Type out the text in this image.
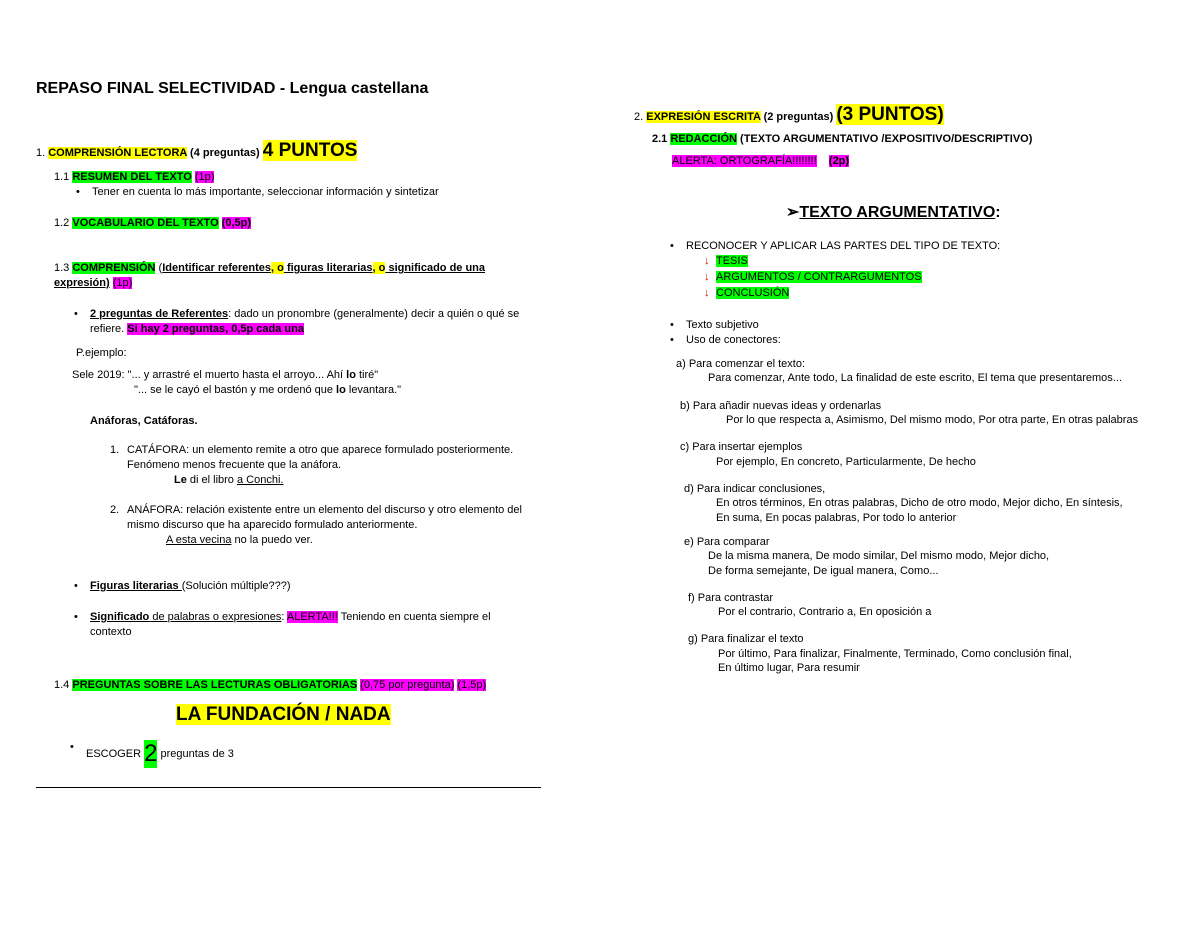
REPASO FINAL SELECTIVIDAD - Lengua castellana
1. COMPRENSIÓN LECTORA (4 preguntas) 4 PUNTOS
1.1 RESUMEN DEL TEXTO (1p)
• Tener en cuenta lo más importante, seleccionar información y sintetizar
1.2 VOCABULARIO DEL TEXTO (0,5p)
1.3 COMPRENSIÓN (Identificar referentes, o figuras literarias, o significado de una
expresión) (1p)
• 2 preguntas de Referentes: dado un pronombre (generalmente) decir a quién o qué se
refiere. Si hay 2 preguntas, 0,5p cada una
P.ejemplo:
Sele 2019: "... y arrastré el muerto hasta el arroyo... Ahí lo tiré"
"... se le cayó el bastón y me ordenó que lo levantara."
Anáforas, Catáforas.
1. CATÁFORA: un elemento remite a otro que aparece formulado posteriormente.
Fenómeno menos frecuente que la anáfora.
Le di el libro a Conchi.
2. ANÁFORA: relación existente entre un elemento del discurso y otro elemento del
mismo discurso que ha aparecido formulado anteriormente.
A esta vecina no la puedo ver.
• Figuras literarias (Solución múltiple???)
• Significado de palabras o expresiones: ALERTA!!! Teniendo en cuenta siempre el
contexto
1.4 PREGUNTAS SOBRE LAS LECTURAS OBLIGATORIAS (0,75 por pregunta) (1,5p)
LA FUNDACIÓN / NADA
• ESCOGER 2 preguntas de 3
2. EXPRESIÓN ESCRITA (2 preguntas) (3 PUNTOS)
2.1 REDACCIÓN (TEXTO ARGUMENTATIVO /EXPOSITIVO/DESCRIPTIVO)
ALERTA: ORTOGRAFÍA!!!!!!!! (2p)
➢TEXTO ARGUMENTATIVO:
• RECONOCER Y APLICAR LAS PARTES DEL TIPO DE TEXTO:
↓ TESIS
↓ ARGUMENTOS / CONTRARGUMENTOS
↓ CONCLUSIÓN
• Texto subjetivo
• Uso de conectores:
a) Para comenzar el texto:
Para comenzar, Ante todo, La finalidad de este escrito, El tema que presentaremos...
b) Para añadir nuevas ideas y ordenarlas
Por lo que respecta a, Asimismo, Del mismo modo, Por otra parte, En otras palabras
c) Para insertar ejemplos
Por ejemplo, En concreto, Particularmente, De hecho
d) Para indicar conclusiones,
En otros términos, En otras palabras, Dicho de otro modo, Mejor dicho, En síntesis,
En suma, En pocas palabras, Por todo lo anterior
e) Para comparar
De la misma manera, De modo similar, Del mismo modo, Mejor dicho,
De forma semejante, De igual manera, Como...
f) Para contrastar
Por el contrario, Contrario a, En oposición a
g) Para finalizar el texto
Por último, Para finalizar, Finalmente, Terminado, Como conclusión final,
En último lugar, Para resumir
